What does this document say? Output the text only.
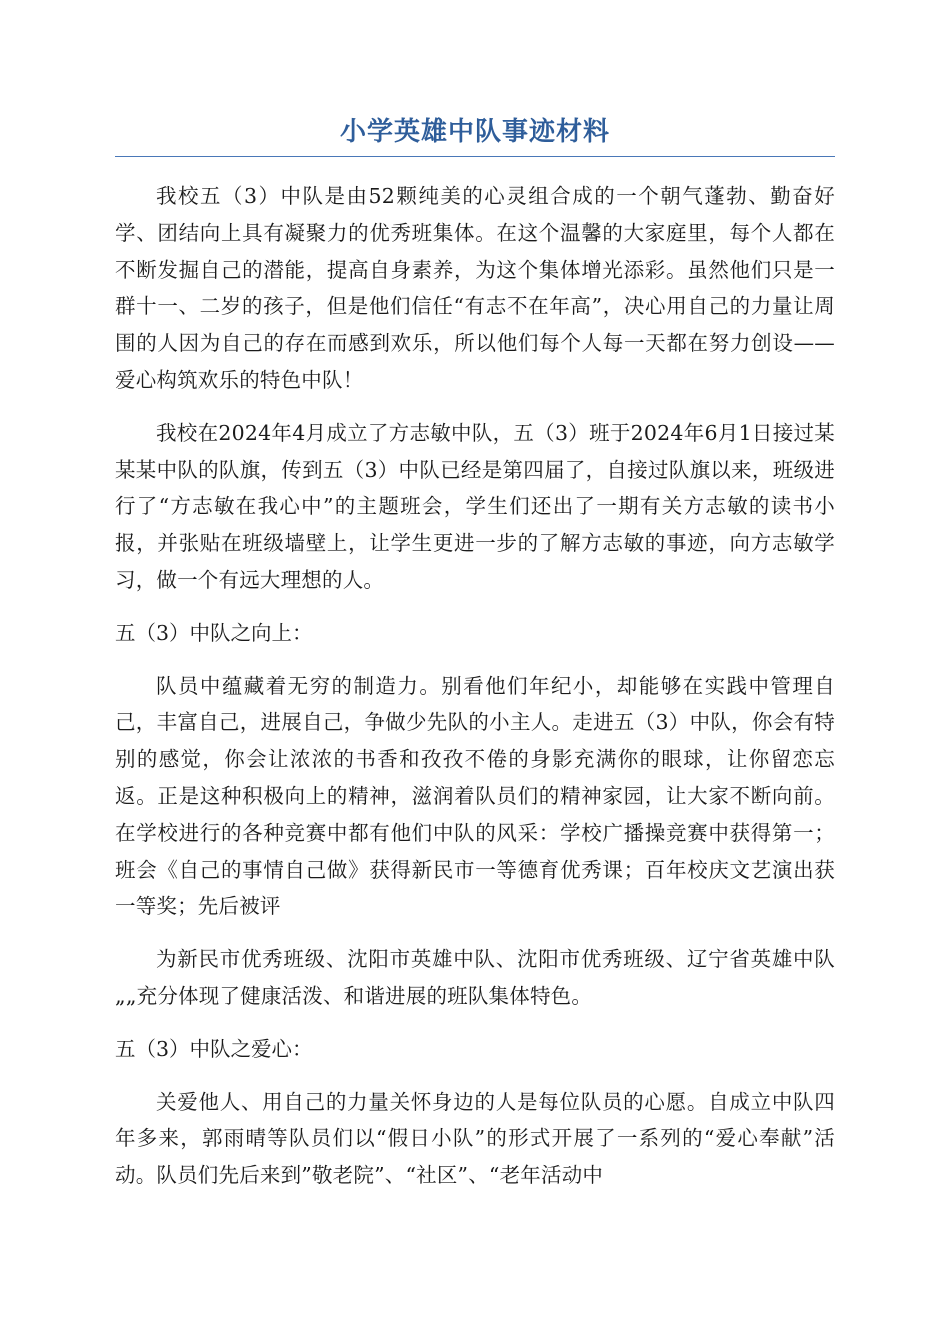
小学英雄中队事迹材料

我校五（3）中队是由52颗纯美的心灵组合成的一个朝气蓬勃、勤奋好学、团结向上具有凝聚力的优秀班集体。在这个温馨的大家庭里，每个人都在不断发掘自己的潜能，提高自身素养，为这个集体增光添彩。虽然他们只是一群十一、二岁的孩子，但是他们信任“有志不在年高”，决心用自己的力量让周围的人因为自己的存在而感到欢乐，所以他们每个人每一天都在努力创设——爱心构筑欢乐的特色中队！

我校在2024年4月成立了方志敏中队，五（3）班于2024年6月1日接过某某某中队的队旗，传到五（3）中队已经是第四届了，自接过队旗以来，班级进行了“方志敏在我心中”的主题班会，学生们还出了一期有关方志敏的读书小报，并张贴在班级墙壁上，让学生更进一步的了解方志敏的事迹，向方志敏学习，做一个有远大理想的人。

五（3）中队之向上：

队员中蕴藏着无穷的制造力。别看他们年纪小，却能够在实践中管理自己，丰富自己，进展自己，争做少先队的小主人。走进五（3）中队，你会有特别的感觉，你会让浓浓的书香和孜孜不倦的身影充满你的眼球，让你留恋忘返。正是这种积极向上的精神，滋润着队员们的精神家园，让大家不断向前。在学校进行的各种竞赛中都有他们中队的风采：学校广播操竞赛中获得第一；班会《自己的事情自己做》获得新民市一等德育优秀课；百年校庆文艺演出获一等奖；先后被评

为新民市优秀班级、沈阳市英雄中队、沈阳市优秀班级、辽宁省英雄中队„„充分体现了健康活泼、和谐进展的班队集体特色。

五（3）中队之爱心：

关爱他人、用自己的力量关怀身边的人是每位队员的心愿。自成立中队四年多来，郭雨晴等队员们以“假日小队”的形式开展了一系列的“爱心奉献”活动。队员们先后来到”敬老院”、“社区”、“老年活动中
